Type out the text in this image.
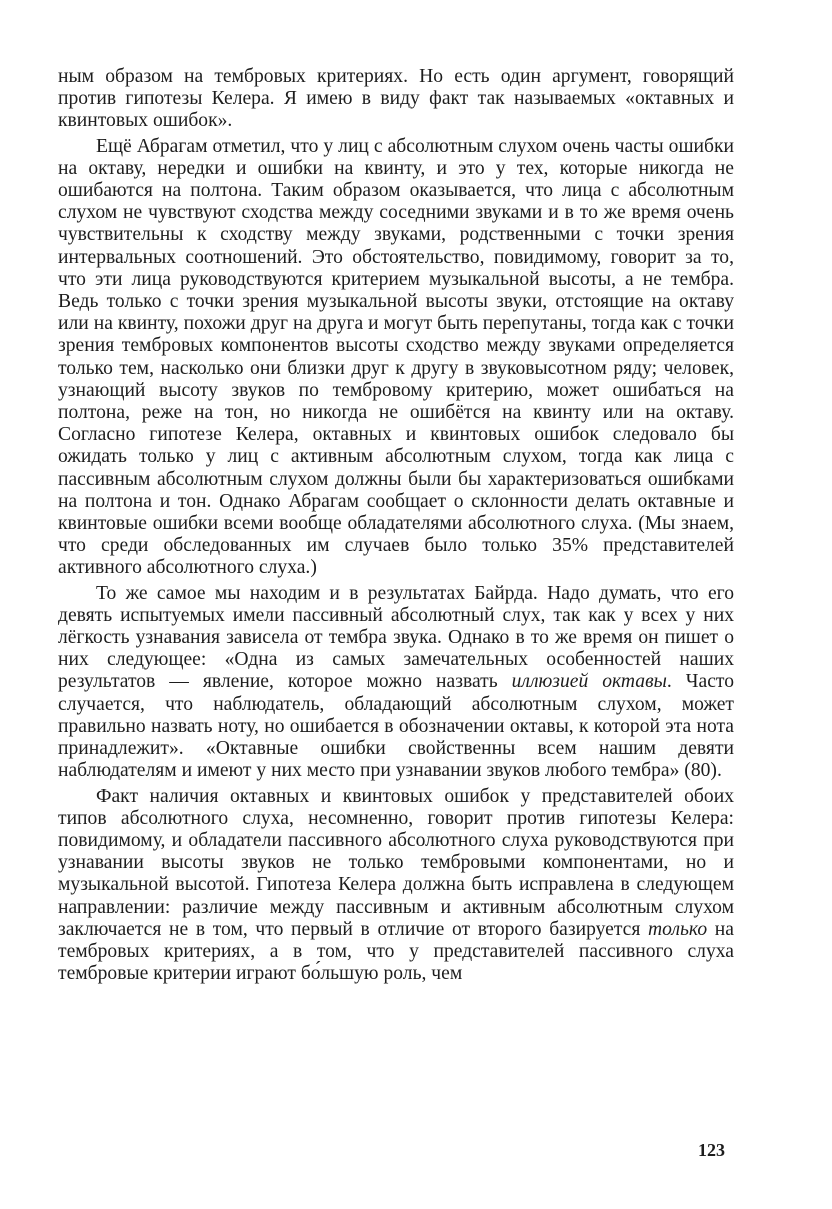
ным образом на тембровых критериях. Но есть один аргумент, говорящий против гипотезы Келера. Я имею в виду факт так называемых «октавных и квинтовых ошибок».

Ещё Абрагам отметил, что у лиц с абсолютным слухом очень часты ошибки на октаву, нередки и ошибки на квинту, и это у тех, которые никогда не ошибаются на полтона. Таким образом оказывается, что лица с абсолютным слухом не чувствуют сходства между соседними звуками и в то же время очень чувствительны к сходству между звуками, родственными с точки зрения интервальных соотношений. Это обстоятельство, повидимому, говорит за то, что эти лица руководствуются критерием музыкальной высоты, а не тембра. Ведь только с точки зрения музыкальной высоты звуки, отстоящие на октаву или на квинту, похожи друг на друга и могут быть перепутаны, тогда как с точки зрения тембровых компонентов высоты сходство между звуками определяется только тем, насколько они близки друг к другу в звуковысотном ряду; человек, узнающий высоту звуков по тембровому критерию, может ошибаться на полтона, реже на тон, но никогда не ошибётся на квинту или на октаву. Согласно гипотезе Келера, октавных и квинтовых ошибок следовало бы ожидать только у лиц с активным абсолютным слухом, тогда как лица с пассивным абсолютным слухом должны были бы характеризоваться ошибками на полтона и тон. Однако Абрагам сообщает о склонности делать октавные и квинтовые ошибки всеми вообще обладателями абсолютного слуха. (Мы знаем, что среди обследованных им случаев было только 35% представителей активного абсолютного слуха.)

То же самое мы находим и в результатах Байрда. Надо думать, что его девять испытуемых имели пассивный абсолютный слух, так как у всех у них лёгкость узнавания зависела от тембра звука. Однако в то же время он пишет о них следующее: «Одна из самых замечательных особенностей наших результатов — явление, которое можно назвать иллюзией октавы. Часто случается, что наблюдатель, обладающий абсолютным слухом, может правильно назвать ноту, но ошибается в обозначении октавы, к которой эта нота принадлежит». «Октавные ошибки свойственны всем нашим девяти наблюдателям и имеют у них место при узнавании звуков любого тембра» (80).

Факт наличия октавных и квинтовых ошибок у представителей обоих типов абсолютного слуха, несомненно, говорит против гипотезы Келера: повидимому, и обладатели пассивного абсолютного слуха руководствуются при узнавании высоты звуков не только тембровыми компонентами, но и музыкальной высотой. Гипотеза Келера должна быть исправлена в следующем направлении: различие между пассивным и активным абсолютным слухом заключается не в том, что первый в отличие от второго базируется только на тембровых критериях, а в том, что у представителей пассивного слуха тембровые критерии играют бо́льшую роль, чем

123
